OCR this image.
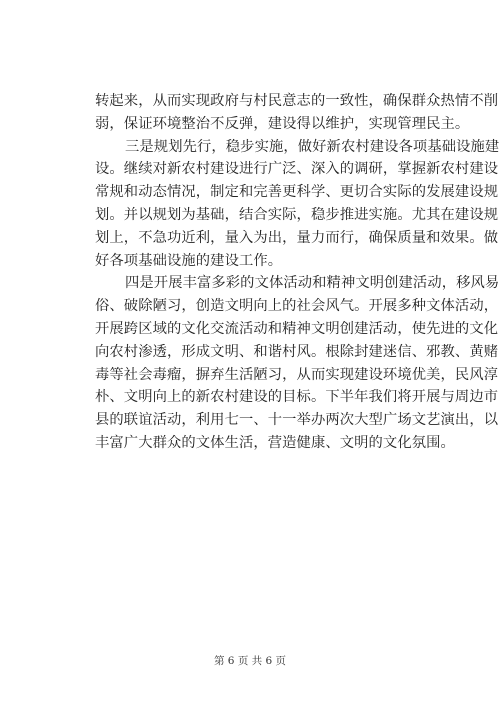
转起来，从而实现政府与村民意志的一致性，确保群众热情不削
弱，保证环境整治不反弹，建设得以维护，实现管理民主。
三是规划先行，稳步实施，做好新农村建设各项基础设施建
设。继续对新农村建设进行广泛、深入的调研，掌握新农村建设
常规和动态情况，制定和完善更科学、更切合实际的发展建设规
划。并以规划为基础，结合实际，稳步推进实施。尤其在建设规
划上，不急功近利，量入为出，量力而行，确保质量和效果。做
好各项基础设施的建设工作。
四是开展丰富多彩的文体活动和精神文明创建活动，移风易
俗、破除陋习，创造文明向上的社会风气。开展多种文体活动，
开展跨区域的文化交流活动和精神文明创建活动，使先进的文化
向农村渗透，形成文明、和谐村风。根除封建迷信、邪教、黄赌
毒等社会毒瘤，摒弃生活陋习，从而实现建设环境优美，民风淳
朴、文明向上的新农村建设的目标。下半年我们将开展与周边市
县的联谊活动，利用七一、十一举办两次大型广场文艺演出，以
丰富广大群众的文体生活，营造健康、文明的文化氛围。
第 6 页 共 6 页
